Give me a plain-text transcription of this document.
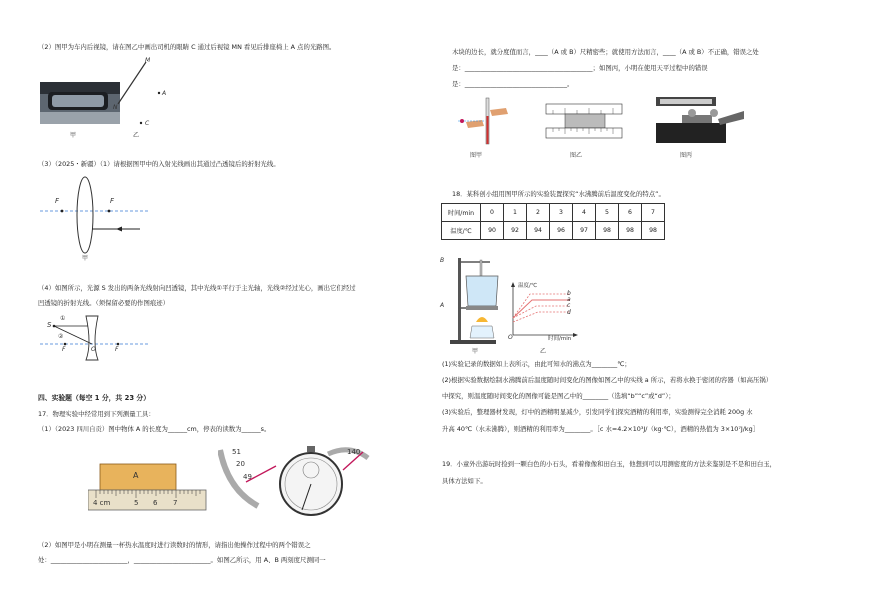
（2）图甲为车内后视镜，请在图乙中画出司机的眼睛 C 通过后视镜 MN 看见后排座椅上 A 点的光路图。
甲
M
N
A
C
乙
（3）（2025・新疆）（1）请根据图甲中的入射光线画出其通过凸透镜后的折射光线。
F	F
甲
（4）如图所示，光源 S 发出的两条光线射向凹透镜，其中光线①平行于主光轴，光线②经过光心，画出它们经过
凹透镜的折射光线。（须保留必要的作图痕迹）
S
①
②
F	O	F
四、实验题（每空 1 分，共 23 分）
17．物理实验中经常用到下列测量工具：
（1）（2023 四川自贡）图中物体 A 的长度为______cm，停表的读数为______s。
A
4 cm	5 6 7
51
20
49
140
（2）如图甲是小明在测量一杯热水温度时进行读数时的情形，请指出他操作过程中的两个错误之
处：________________________，________________________。如图乙所示，用 A、B 两刻度尺测同一
木块的边长，就分度值而言，____（A 或 B）尺精密些；就使用方法而言，____（A 或 B）不正确，错误之处
是：________________________________________；如图丙，小明在使用天平过程中的错误
是：________________________________。
图甲	图乙	图丙
18．某科创小组用图甲所示的实验装置探究“水沸腾前后温度变化的特点”。
时间/min	0	1	2	3	4	5	6	7
温度/℃	90	92	94	96	97	98	98	98
B
A
甲
温度/℃
b
a
c
d
O	时间/min
乙
(1)实验记录的数据如上表所示，由此可知水的沸点为________℃；
(2)根据实验数据绘制水沸腾前后温度随时间变化的图像如图乙中的实线 a 所示，若将水换于密闭的容器（如高压锅）
中探究，则温度随时间变化的图像可能是图乙中的________（选填“b”“c”或“d”）；
(3)实验后，整理器材发现，灯中的酒精明显减少，引发同学们探究酒精的利用率，实验测得完全消耗 200g 水
升高 40℃（水未沸腾），则酒精的利用率为________。［c 水=4.2×10³J/（kg·℃），酒精的热值为 3×10⁷J/kg］
19．小童外出游玩时捡到一颗白色的小石头，看着像像和田白玉，他想到可以用测密度的方法来鉴别是不是和田白玉，
具体方法如下。
